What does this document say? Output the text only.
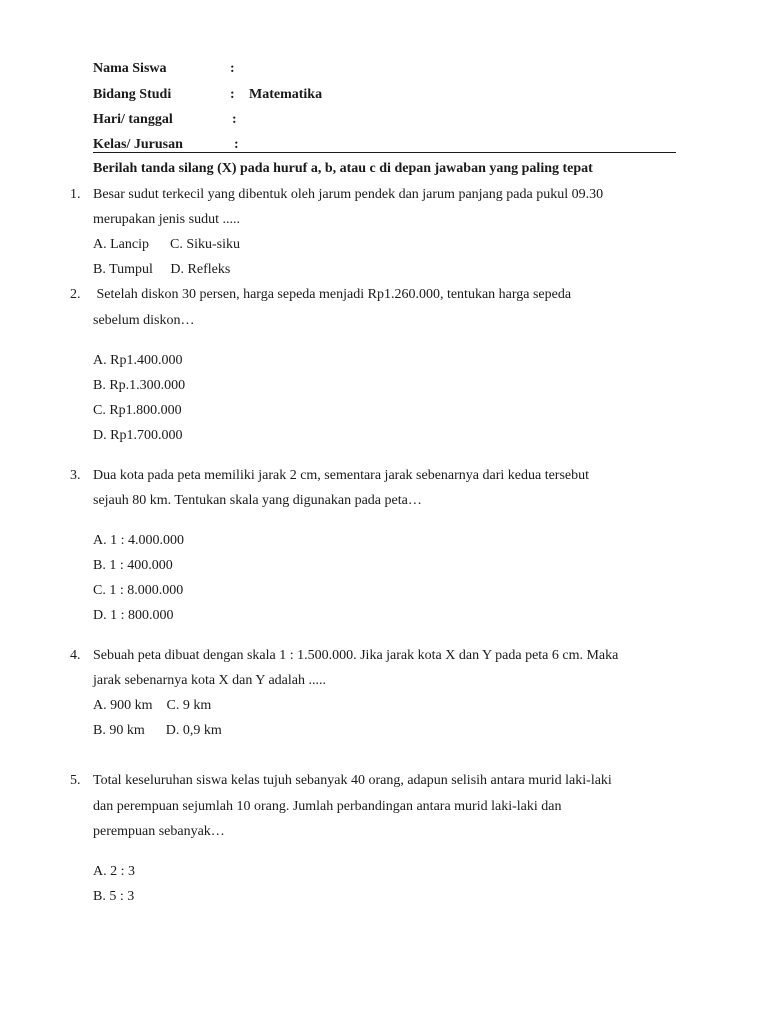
Nama Siswa	:
Bidang Studi	: Matematika
Hari/ tanggal	:
Kelas/ Jurusan	:
Berilah tanda silang (X) pada huruf a, b, atau c di depan jawaban yang paling tepat
1. Besar sudut terkecil yang dibentuk oleh jarum pendek dan jarum panjang pada pukul 09.30
merupakan jenis sudut .....
A. Lancip      C. Siku-siku
B. Tumpul     D. Refleks
2. Setelah diskon 30 persen, harga sepeda menjadi Rp1.260.000, tentukan harga sepeda
sebelum diskon…
A. Rp1.400.000
B. Rp.1.300.000
C. Rp1.800.000
D. Rp1.700.000
3. Dua kota pada peta memiliki jarak 2 cm, sementara jarak sebenarnya dari kedua tersebut
sejauh 80 km. Tentukan skala yang digunakan pada peta…
A. 1 : 4.000.000
B. 1 : 400.000
C. 1 : 8.000.000
D. 1 : 800.000
4. Sebuah peta dibuat dengan skala 1 : 1.500.000. Jika jarak kota X dan Y pada peta 6 cm. Maka
jarak sebenarnya kota X dan Y adalah .....
A. 900 km    C. 9 km
B. 90 km      D. 0,9 km
5. Total keseluruhan siswa kelas tujuh sebanyak 40 orang, adapun selisih antara murid laki-laki
dan perempuan sejumlah 10 orang. Jumlah perbandingan antara murid laki-laki dan
perempuan sebanyak…
A. 2 : 3
B. 5 : 3
